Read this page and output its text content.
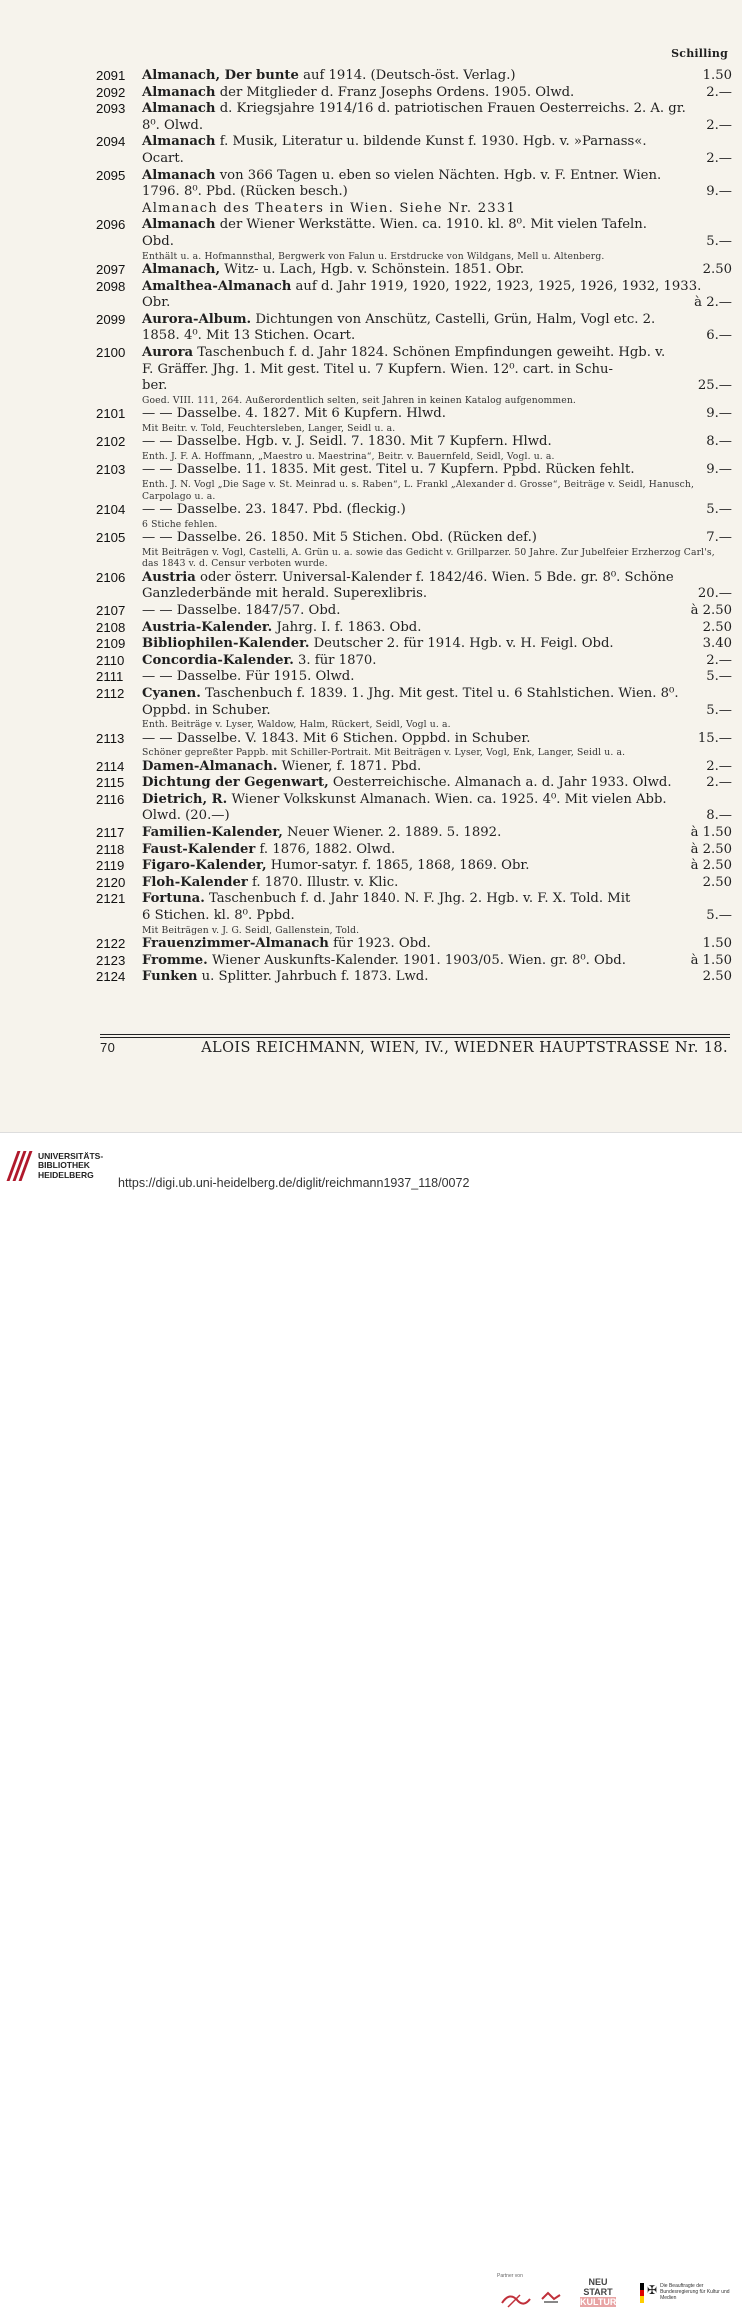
Schilling
2091	Almanach, Der bunte auf 1914. (Deutsch-öst. Verlag.)	1.50
2092	Almanach der Mitglieder d. Franz Josephs Ordens. 1905. Olwd.	2.—
2093	Almanach d. Kriegsjahre 1914/16 d. patriotischen Frauen Oesterreichs. 2. A. gr.
8⁰. Olwd.	2.—
2094	Almanach f. Musik, Literatur u. bildende Kunst f. 1930. Hgb. v. »Parnass«.
Ocart.	2.—
2095	Almanach von 366 Tagen u. eben so vielen Nächten. Hgb. v. F. Entner. Wien.
1796. 8⁰. Pbd. (Rücken besch.)	9.—
Almanach des Theaters in Wien. Siehe Nr. 2331
2096	Almanach der Wiener Werkstätte. Wien. ca. 1910. kl. 8⁰. Mit vielen Tafeln.
Obd.	5.—
Enthält u. a. Hofmannsthal, Bergwerk von Falun u. Erstdrucke von Wildgans, Mell u. Altenberg.
2097	Almanach, Witz- u. Lach, Hgb. v. Schönstein. 1851. Obr.	2.50
2098	Amalthea-Almanach auf d. Jahr 1919, 1920, 1922, 1923, 1925, 1926, 1932, 1933.
Obr.	à 2.—
2099	Aurora-Album. Dichtungen von Anschütz, Castelli, Grün, Halm, Vogl etc. 2.
1858. 4⁰. Mit 13 Stichen. Ocart.	6.—
2100	Aurora Taschenbuch f. d. Jahr 1824. Schönen Empfindungen geweiht. Hgb. v.
F. Gräffer. Jhg. 1. Mit gest. Titel u. 7 Kupfern. Wien. 12⁰. cart. in Schu-
ber.	25.—
Goed. VIII. 111, 264. Außerordentlich selten, seit Jahren in keinen Katalog aufgenommen.
2101	— — Dasselbe. 4. 1827. Mit 6 Kupfern. Hlwd.	9.—
Mit Beitr. v. Told, Feuchtersleben, Langer, Seidl u. a.
2102	— — Dasselbe. Hgb. v. J. Seidl. 7. 1830. Mit 7 Kupfern. Hlwd.	8.—
Enth. J. F. A. Hoffmann, „Maestro u. Maestrina“, Beitr. v. Bauernfeld, Seidl, Vogl. u. a.
2103	— — Dasselbe. 11. 1835. Mit gest. Titel u. 7 Kupfern. Ppbd. Rücken fehlt.	9.—
Enth. J. N. Vogl „Die Sage v. St. Meinrad u. s. Raben“, L. Frankl „Alexander d. Grosse“, Beiträge v. Seidl, Hanusch, Carpolago u. a.
2104	— — Dasselbe. 23. 1847. Pbd. (fleckig.)	5.—
6 Stiche fehlen.
2105	— — Dasselbe. 26. 1850. Mit 5 Stichen. Obd. (Rücken def.)	7.—
Mit Beiträgen v. Vogl, Castelli, A. Grün u. a. sowie das Gedicht v. Grillparzer. 50 Jahre. Zur Jubelfeier Erzherzog Carl's, das 1843 v. d. Censur verboten wurde.
2106	Austria oder österr. Universal-Kalender f. 1842/46. Wien. 5 Bde. gr. 8⁰. Schöne
Ganzlederbände mit herald. Superexlibris.	20.—
2107	— — Dasselbe. 1847/57. Obd.	à 2.50
2108	Austria-Kalender. Jahrg. I. f. 1863. Obd.	2.50
2109	Bibliophilen-Kalender. Deutscher 2. für 1914. Hgb. v. H. Feigl. Obd.	3.40
2110	Concordia-Kalender. 3. für 1870.	2.—
2111	— — Dasselbe. Für 1915. Olwd.	5.—
2112	Cyanen. Taschenbuch f. 1839. 1. Jhg. Mit gest. Titel u. 6 Stahlstichen. Wien. 8⁰.
Oppbd. in Schuber.	5.—
Enth. Beiträge v. Lyser, Waldow, Halm, Rückert, Seidl, Vogl u. a.
2113	— — Dasselbe. V. 1843. Mit 6 Stichen. Oppbd. in Schuber.	15.—
Schöner gepreßter Pappb. mit Schiller-Portrait. Mit Beiträgen v. Lyser, Vogl, Enk, Langer, Seidl u. a.
2114	Damen-Almanach. Wiener, f. 1871. Pbd.	2.—
2115	Dichtung der Gegenwart, Oesterreichische. Almanach a. d. Jahr 1933. Olwd.	2.—
2116	Dietrich, R. Wiener Volkskunst Almanach. Wien. ca. 1925. 4⁰. Mit vielen Abb.
Olwd. (20.—)	8.—
2117	Familien-Kalender, Neuer Wiener. 2. 1889. 5. 1892.	à 1.50
2118	Faust-Kalender f. 1876, 1882. Olwd.	à 2.50
2119	Figaro-Kalender, Humor-satyr. f. 1865, 1868, 1869. Obr.	à 2.50
2120	Floh-Kalender f. 1870. Illustr. v. Klic.	2.50
2121	Fortuna. Taschenbuch f. d. Jahr 1840. N. F. Jhg. 2. Hgb. v. F. X. Told. Mit
6 Stichen. kl. 8⁰. Ppbd.	5.—
Mit Beiträgen v. J. G. Seidl, Gallenstein, Told.
2122	Frauenzimmer-Almanach für 1923. Obd.	1.50
2123	Fromme. Wiener Auskunfts-Kalender. 1901. 1903/05. Wien. gr. 8⁰. Obd.	à 1.50
2124	Funken u. Splitter. Jahrbuch f. 1873. Lwd.	2.50
70	ALOIS REICHMANN, WIEN, IV., WIEDNER HAUPTSTRASSE Nr. 18.
UNIVERSITÄTS-
BIBLIOTHEK
HEIDELBERG
Partner von
NEU
START
KULTUR
✠ Die Beauftragte der Bundesregierung für Kultur und Medien
https://digi.ub.uni-heidelberg.de/diglit/reichmann1937_118/0072
